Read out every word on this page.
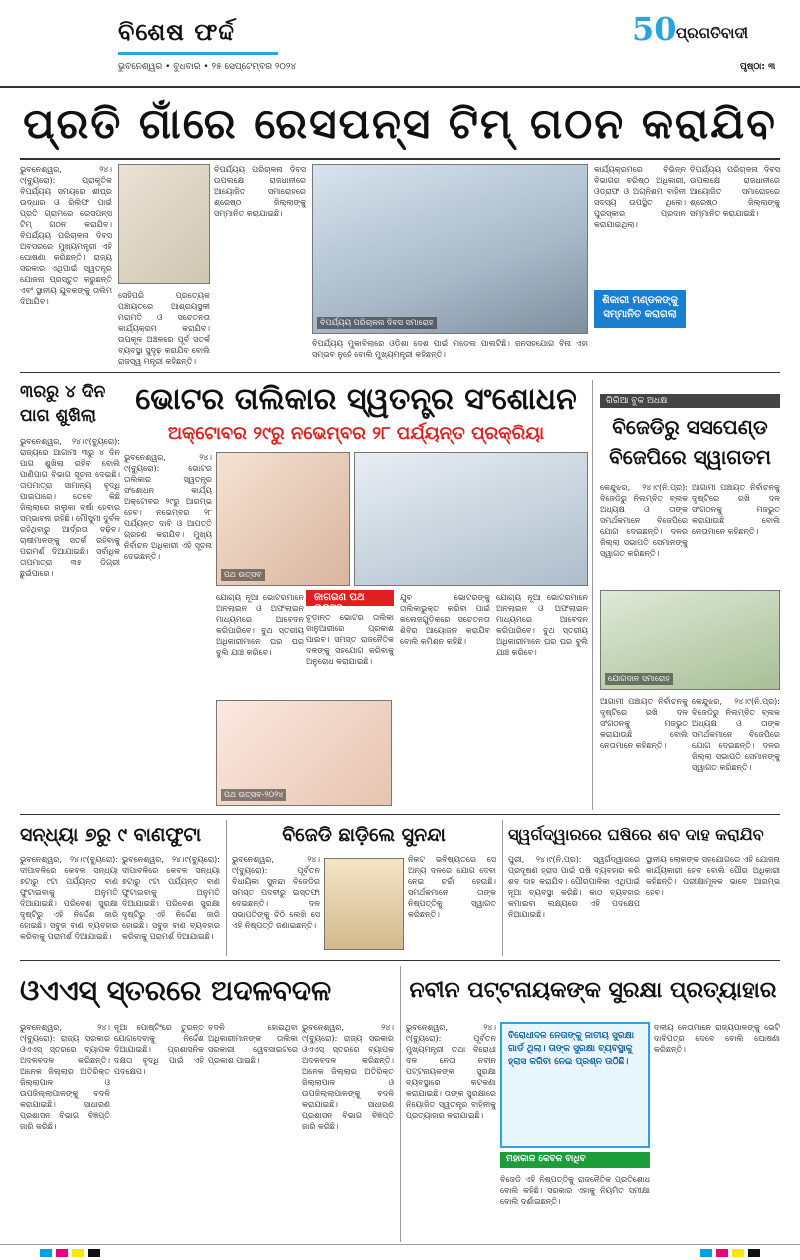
ବିଶେଷ ଫର୍ଦ୍ଦ
ଭୁବନେଶ୍ୱର • ବୁଧବାର • ୨୫ ସେପ୍ଟେମ୍ବର ୨୦୨୪
50 ପ୍ରଗତିବାଦୀ
ପୃଷ୍ଠା: ୩
ପ୍ରତି ଗାଁରେ ରେସପନ୍ସ ଟିମ୍ ଗଠନ କରାଯିବ
ଭୁବନେଶ୍ୱର, ୨୪।୯(ବ୍ୟୁରୋ): ପ୍ରାକୃତିକ ବିପର୍ଯ୍ୟୟ ସମୟରେ ଶୀଘ୍ର ଉଦ୍ଧାର ଓ ରିଲିଫ ପାଇଁ ପ୍ରତି ଗ୍ରାମରେ ରେସପନ୍ସ ଟିମ୍ ଗଠନ କରାଯିବ। ବିପର୍ଯ୍ୟୟ ପରିଚାଳନା ଦିବସ ଅବସରରେ ମୁଖ୍ୟମନ୍ତ୍ରୀ ଏହି ଘୋଷଣା କରିଛନ୍ତି। ରାଜ୍ୟ ସରକାର ଏଥିପାଇଁ ସ୍ୱତନ୍ତ୍ର ଯୋଜନା ପ୍ରସ୍ତୁତ କରୁଛନ୍ତି ଏବଂ ସ୍ଥାନୀୟ ଯୁବକଙ୍କୁ ତାଲିମ ଦିଆଯିବ।
ସେହିପରି ପ୍ରତ୍ୟେକ ପଞ୍ଚାୟତରେ ଆଶ୍ରୟସ୍ଥଳୀ ମରାମତି ଓ ସଚେତନତା କାର୍ଯ୍ୟକ୍ରମ କରାଯିବ। ଉପକୂଳ ଅଞ୍ଚଳରେ ପୂର୍ବ ସତର୍କ ବ୍ୟବସ୍ଥା ସୁଦୃଢ଼ କରାଯିବ ବୋଲି ରାଜସ୍ୱ ମନ୍ତ୍ରୀ କହିଛନ୍ତି।
ବିପର୍ଯ୍ୟୟ ପରିଚାଳନା ଦିବସ ଉପଲକ୍ଷେ ରାଜଧାନୀରେ ଆୟୋଜିତ ସମାରୋହରେ ଶ୍ରେଷ୍ଠ ଜିଲ୍ଲାଙ୍କୁ ସମ୍ମାନିତ କରାଯାଇଛି।
ବିପର୍ଯ୍ୟୟ ପରିଚାଳନା ଦିବସ ସମାରୋହ
ବିପର୍ଯ୍ୟୟ ମୁକାବିଲାରେ ଓଡ଼ିଶା ଦେଶ ପାଇଁ ମଡେଲ ପାଲଟିଛି। ଜନସହଯୋଗ ବିନା ଏହା ସମ୍ଭବ ନୁହେଁ ବୋଲି ମୁଖ୍ୟମନ୍ତ୍ରୀ କହିଛନ୍ତି।
କାର୍ଯ୍ୟକ୍ରମରେ ବିଭିନ୍ନ ବିଭାଗର ବରିଷ୍ଠ ଅଧିକାରୀ, ଓଡ୍ରାଫ ଓ ଅଗ୍ନିଶମ ବାହିନୀ ସଦସ୍ୟ ଉପସ୍ଥିତ ଥିଲେ। ପୁରସ୍କାର ପ୍ରଦାନ କରାଯାଇଥିଲା।
ଶିକାରୀ ମଣ୍ଡଳଙ୍କୁ ସମ୍ମାନିତ କରାଗଲା
ବିପର୍ଯ୍ୟୟ ପରିଚାଳନା ଦିବସ ଉପଲକ୍ଷେ ରାଜଧାନୀରେ ଆୟୋଜିତ ସମାରୋହରେ ଶ୍ରେଷ୍ଠ ଜିଲ୍ଲାଙ୍କୁ ସମ୍ମାନିତ କରାଯାଇଛି।
୩ରରୁ ୪ ଦିନ ପାଗ ଶୁଖିଲା
ଭୁବନେଶ୍ୱର, ୨୪।୯(ବ୍ୟୁରୋ): ରାଜ୍ୟରେ ଆଗାମୀ ୩ରୁ ୪ ଦିନ ପାଗ ଶୁଖିଲା ରହିବ ବୋଲି ପାଣିପାଗ ବିଭାଗ ସୂଚନା ଦେଇଛି। ତାପମାତ୍ରା ସାମାନ୍ୟ ବୃଦ୍ଧି ପାଇପାରେ। ତେବେ କିଛି ଜିଲ୍ଲାରେ ହାଲୁକା ବର୍ଷା ହେବାର ସମ୍ଭାବନା ରହିଛି। ମୌସୁମୀ ଦୁର୍ବଳ ରହିଥିବାରୁ ଆର୍ଦ୍ରତା ବଢ଼ିବ। ଚାଷୀମାନଙ୍କୁ ସତର୍କ ରହିବାକୁ ପରାମର୍ଶ ଦିଆଯାଇଛି। ସର୍ବାଧିକ ତାପମାତ୍ରା ୩୫ ଡିଗ୍ରୀ ଛୁଇଁପାରେ।
ଭୋଟର ତାଲିକାର ସ୍ୱତନ୍ତ୍ର ସଂଶୋଧନ
ଅକ୍ଟୋବର ୨୯ରୁ ନଭେମ୍ବର ୨୮ ପର୍ଯ୍ୟନ୍ତ ପ୍ରକ୍ରିୟା
ଭୁବନେଶ୍ୱର, ୨୪।୯(ବ୍ୟୁରୋ): ଭୋଟର ତାଲିକାର ସ୍ୱତନ୍ତ୍ର ସଂଶୋଧନ କାର୍ଯ୍ୟ ଅକ୍ଟୋବର ୨୯ରୁ ଆରମ୍ଭ ହେବ। ନଭେମ୍ବର ୨୮ ପର୍ଯ୍ୟନ୍ତ ଦାବି ଓ ଆପତ୍ତି ଗ୍ରହଣ କରାଯିବ। ମୁଖ୍ୟ ନିର୍ବାଚନ ଅଧିକାରୀ ଏହି ସୂଚନା ଦେଇଛନ୍ତି।
ପଥ ଉତ୍ସବ
ଯୋଗ୍ୟ ନୂଆ ଭୋଟରମାନେ ଅନଲାଇନ ଓ ଅଫଲାଇନ ମାଧ୍ୟମରେ ଆବେଦନ କରିପାରିବେ। ବୁଥ ସ୍ତରୀୟ ଅଧିକାରୀମାନେ ଘର ଘର ବୁଲି ଯାଞ୍ଚ କରିବେ।
ଜାଗରଣ ପଥ ଉତ୍ସବ
ଚୂଡ଼ାନ୍ତ ଭୋଟର ତାଲିକା ଜାନୁଆରୀରେ ପ୍ରକାଶ ପାଇବ। ସମସ୍ତ ରାଜନୈତିକ ଦଳଙ୍କୁ ସହଯୋଗ କରିବାକୁ ଅନୁରୋଧ କରାଯାଇଛି।
ଯୁବ ଭୋଟରଙ୍କୁ ତାଲିକାଭୁକ୍ତ କରିବା ପାଇଁ କଲେଜଗୁଡ଼ିକରେ ସଚେତନତା ଶିବିର ଆୟୋଜନ କରାଯିବ ବୋଲି କମିଶନ କହିଛି।
ଯୋଗ୍ୟ ନୂଆ ଭୋଟରମାନେ ଅନଲାଇନ ଓ ଅଫଲାଇନ ମାଧ୍ୟମରେ ଆବେଦନ କରିପାରିବେ। ବୁଥ ସ୍ତରୀୟ ଅଧିକାରୀମାନେ ଘର ଘର ବୁଲି ଯାଞ୍ଚ କରିବେ।
ପଥ ଉତ୍ସବ-୨୦୨୪
ଗିରିଆ ବୁକ ଅଧକ୍ଷ
ବିଜେଡିରୁ ସସପେଣ୍ଡ ବିଜେପିରେ ସ୍ୱାଗତମ
କେନ୍ଦୁଝର, ୨୪।୯(ନି.ପ୍ର): ବିଜେଡିରୁ ନିଲମ୍ବିତ ବ୍ଲକ ଅଧ୍ୟକ୍ଷ ଓ ତାଙ୍କ ସମର୍ଥକମାନେ ବିଜେପିରେ ଯୋଗ ଦେଇଛନ୍ତି। ଦଳର ଜିଲ୍ଲା ସଭାପତି ସେମାନଙ୍କୁ ସ୍ୱାଗତ କରିଛନ୍ତି।
ଆଗାମୀ ପଞ୍ଚାୟତ ନିର୍ବାଚନକୁ ଦୃଷ୍ଟିରେ ରଖି ଦଳ ସଂଗଠନକୁ ମଜଭୁତ କରାଯାଉଛି ବୋଲି ନେତାମାନେ କହିଛନ୍ତି।
ଯୋଗଦାନ ସମାରୋହ
ଆଗାମୀ ପଞ୍ଚାୟତ ନିର୍ବାଚନକୁ ଦୃଷ୍ଟିରେ ରଖି ଦଳ ସଂଗଠନକୁ ମଜଭୁତ କରାଯାଉଛି ବୋଲି ନେତାମାନେ କହିଛନ୍ତି।
କେନ୍ଦୁଝର, ୨୪।୯(ନି.ପ୍ର): ବିଜେଡିରୁ ନିଲମ୍ବିତ ବ୍ଲକ ଅଧ୍ୟକ୍ଷ ଓ ତାଙ୍କ ସମର୍ଥକମାନେ ବିଜେପିରେ ଯୋଗ ଦେଇଛନ୍ତି। ଦଳର ଜିଲ୍ଲା ସଭାପତି ସେମାନଙ୍କୁ ସ୍ୱାଗତ କରିଛନ୍ତି।
ସନ୍ଧ୍ୟା ୭ରୁ ୯ ବାଣଫୁଟା
ଭୁବନେଶ୍ୱର, ୨୪।୯(ବ୍ୟୁରୋ): ଦୀପାବଳିରେ କେବଳ ସନ୍ଧ୍ୟା ୭ଟାରୁ ୯ଟା ପର୍ଯ୍ୟନ୍ତ ବାଣ ଫୁଟାଇବାକୁ ଅନୁମତି ଦିଆଯାଇଛି। ପରିବେଶ ସୁରକ୍ଷା ଦୃଷ୍ଟିରୁ ଏହି ନିର୍ଦ୍ଦେଶ ଜାରି ହୋଇଛି। ସବୁଜ ବାଣ ବ୍ୟବହାର କରିବାକୁ ପରାମର୍ଶ ଦିଆଯାଇଛି।
ଭୁବନେଶ୍ୱର, ୨୪।୯(ବ୍ୟୁରୋ): ଦୀପାବଳିରେ କେବଳ ସନ୍ଧ୍ୟା ୭ଟାରୁ ୯ଟା ପର୍ଯ୍ୟନ୍ତ ବାଣ ଫୁଟାଇବାକୁ ଅନୁମତି ଦିଆଯାଇଛି। ପରିବେଶ ସୁରକ୍ଷା ଦୃଷ୍ଟିରୁ ଏହି ନିର୍ଦ୍ଦେଶ ଜାରି ହୋଇଛି। ସବୁଜ ବାଣ ବ୍ୟବହାର କରିବାକୁ ପରାମର୍ଶ ଦିଆଯାଇଛି।
ବିଜେଡି ଛାଡ଼ିଲେ ସୁନନ୍ଦା
ଭୁବନେଶ୍ୱର, ୨୪।୯(ବ୍ୟୁରୋ): ପୂର୍ବତନ ବିଧାୟିକା ସୁନନ୍ଦା ବିଜେଡିର ସମସ୍ତ ପଦବୀରୁ ଇସ୍ତଫା ଦେଇଛନ୍ତି। ଦଳ ସଭାପତିଙ୍କୁ ଚିଠି ଲେଖି ସେ ଏହି ନିଷ୍ପତ୍ତି ଜଣାଇଛନ୍ତି।
ନିକଟ ଭବିଷ୍ୟତରେ ସେ ଅନ୍ୟ ଦଳରେ ଯୋଗ ଦେବା ନେଇ ଚର୍ଚ୍ଚା ହେଉଛି। ସମର୍ଥକମାନେ ତାଙ୍କ ନିଷ୍ପତ୍ତିକୁ ସ୍ୱାଗତ କରିଛନ୍ତି।
ସ୍ୱର୍ଗଦ୍ୱାରରେ ଘଷିରେ ଶବ ଦାହ କରାଯିବ
ପୁରୀ, ୨୪।୯(ନି.ପ୍ର): ସ୍ୱର୍ଗଦ୍ୱାରରେ ପ୍ରଦୂଷଣ ହ୍ରାସ ପାଇଁ ଘଷି ବ୍ୟବହାର କରି ଶବ ଦାହ କରାଯିବ। ପୌରପାଳିକା ଏଥିପାଇଁ ନୂଆ ବ୍ୟବସ୍ଥା କରିଛି। କାଠ ବ୍ୟବହାର କମାଇବା ଲକ୍ଷ୍ୟରେ ଏହି ପଦକ୍ଷେପ ନିଆଯାଇଛି।
ସ୍ଥାନୀୟ ଲୋକଙ୍କ ସହଯୋଗରେ ଏହି ଯୋଜନା କାର୍ଯ୍ୟକାରୀ ହେବ ବୋଲି ପୌର ଅଧିକାରୀ କହିଛନ୍ତି। ପରୀକ୍ଷାମୂଳକ ଭାବେ ଆରମ୍ଭ ହେବ।
ଓଏଏସ୍ ସ୍ତରରେ ଅଦଳବଦଳ
ଭୁବନେଶ୍ୱର, ୨୪।୯(ବ୍ୟୁରୋ): ରାଜ୍ୟ ସରକାର ଓଏଏସ୍ ସ୍ତରରେ ବ୍ୟାପକ ଅଦଳବଦଳ କରିଛନ୍ତି। ଅନେକ ଜିଲ୍ଲାର ଅତିରିକ୍ତ ଜିଲ୍ଲାପାଳ ଓ ଉପଜିଲ୍ଲାପାଳଙ୍କୁ ବଦଳି କରାଯାଇଛି। ସାଧାରଣ ପ୍ରଶାସନ ବିଭାଗ ବିଜ୍ଞପ୍ତି ଜାରି କରିଛି।
ନୂଆ ପୋଷ୍ଟିଂରେ ତୁରନ୍ତ ଯୋଗଦେବାକୁ ନିର୍ଦ୍ଦେଶ ଦିଆଯାଇଛି। ପ୍ରଶାସନିକ ଦକ୍ଷତା ବୃଦ୍ଧି ପାଇଁ ଏହି ପଦକ୍ଷେପ।
ବଦଳି ହୋଇଥିବା ଅଧିକାରୀମାନଙ୍କ ତାଲିକା ସରକାରୀ ୱେବସାଇଟରେ ପ୍ରକାଶ ପାଇଛି।
ଭୁବନେଶ୍ୱର, ୨୪।୯(ବ୍ୟୁରୋ): ରାଜ୍ୟ ସରକାର ଓଏଏସ୍ ସ୍ତରରେ ବ୍ୟାପକ ଅଦଳବଦଳ କରିଛନ୍ତି। ଅନେକ ଜିଲ୍ଲାର ଅତିରିକ୍ତ ଜିଲ୍ଲାପାଳ ଓ ଉପଜିଲ୍ଲାପାଳଙ୍କୁ ବଦଳି କରାଯାଇଛି। ସାଧାରଣ ପ୍ରଶାସନ ବିଭାଗ ବିଜ୍ଞପ୍ତି ଜାରି କରିଛି।
ନବୀନ ପଟ୍ଟନାୟକଙ୍କ ସୁରକ୍ଷା ପ୍ରତ୍ୟାହାର
ଭୁବନେଶ୍ୱର, ୨୪।୯(ବ୍ୟୁରୋ): ପୂର୍ବତନ ମୁଖ୍ୟମନ୍ତ୍ରୀ ତଥା ବିରୋଧୀ ଦଳ ନେତା ନବୀନ ପଟ୍ଟନାୟକଙ୍କ ସୁରକ୍ଷା ବ୍ୟବସ୍ଥାରେ କଟକଣା କରାଯାଇଛି। ତାଙ୍କ ସୁରକ୍ଷାରେ ନିୟୋଜିତ ସ୍ୱତନ୍ତ୍ର ବାହିନୀକୁ ପ୍ରତ୍ୟାହାର କରାଯାଇଛି।
ବିରୋଧୀଦଳ ନେତାଙ୍କୁ ଜାତୀୟ ସୁରକ୍ଷା ଗାର୍ଡ ଥିଲା। ତାଙ୍କ ସୁରକ୍ଷା ବ୍ୟବସ୍ଥାକୁ ହ୍ରାସ କରିବା ନେଇ ପ୍ରଶ୍ନ ଉଠିଛି।
ମହାକାଳ କେବଳ ବାଧିବ
ବିଜେଡି ଏହି ନିଷ୍ପତ୍ତିକୁ ରାଜନୈତିକ ପ୍ରତିଶୋଧ ବୋଲି କହିଛି। ସରକାର ଏହାକୁ ନିୟମିତ ସମୀକ୍ଷା ବୋଲି ଦର୍ଶାଇଛନ୍ତି।
ଦଳୀୟ ନେତାମାନେ ରାଜ୍ୟପାଳଙ୍କୁ ଭେଟି ଦାବିପତ୍ର ଦେବେ ବୋଲି ଘୋଷଣା କରିଛନ୍ତି।
